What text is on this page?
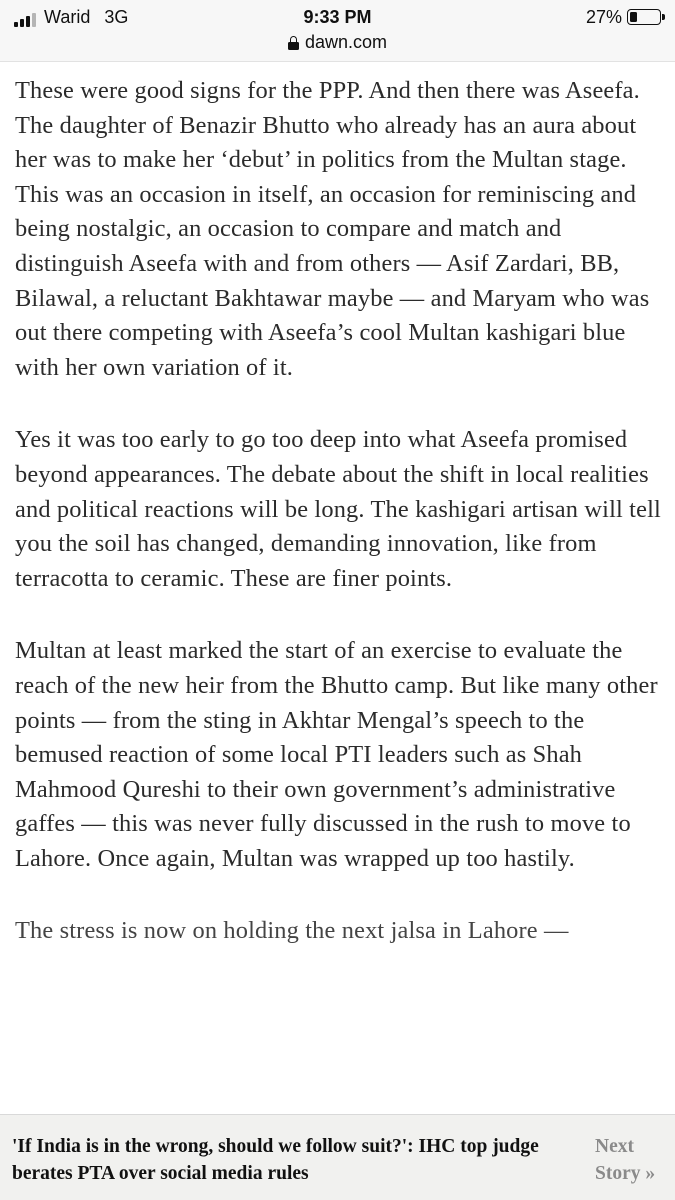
Warid 3G	9:33 PM
dawn.com
27%

These were good signs for the PPP. And then there was Aseefa. The daughter of Benazir Bhutto who already has an aura about her was to make her ‘debut’ in politics from the Multan stage. This was an occasion in itself, an occasion for reminiscing and being nostalgic, an occasion to compare and match and distinguish Aseefa with and from others — Asif Zardari, BB, Bilawal, a reluctant Bakhtawar maybe — and Maryam who was out there competing with Aseefa’s cool Multan kashigari blue with her own variation of it.

Yes it was too early to go too deep into what Aseefa promised beyond appearances. The debate about the shift in local realities and political reactions will be long. The kashigari artisan will tell you the soil has changed, demanding innovation, like from terracotta to ceramic. These are finer points.

Multan at least marked the start of an exercise to evaluate the reach of the new heir from the Bhutto camp. But like many other points — from the sting in Akhtar Mengal’s speech to the bemused reaction of some local PTI leaders such as Shah Mahmood Qureshi to their own government’s administrative gaffes — this was never fully discussed in the rush to move to Lahore. Once again, Multan was wrapped up too hastily.

The stress is now on holding the next jalsa in Lahore —

'If India is in the wrong, should we follow suit?': IHC top judge berates PTA over social media rules
Next Story »
